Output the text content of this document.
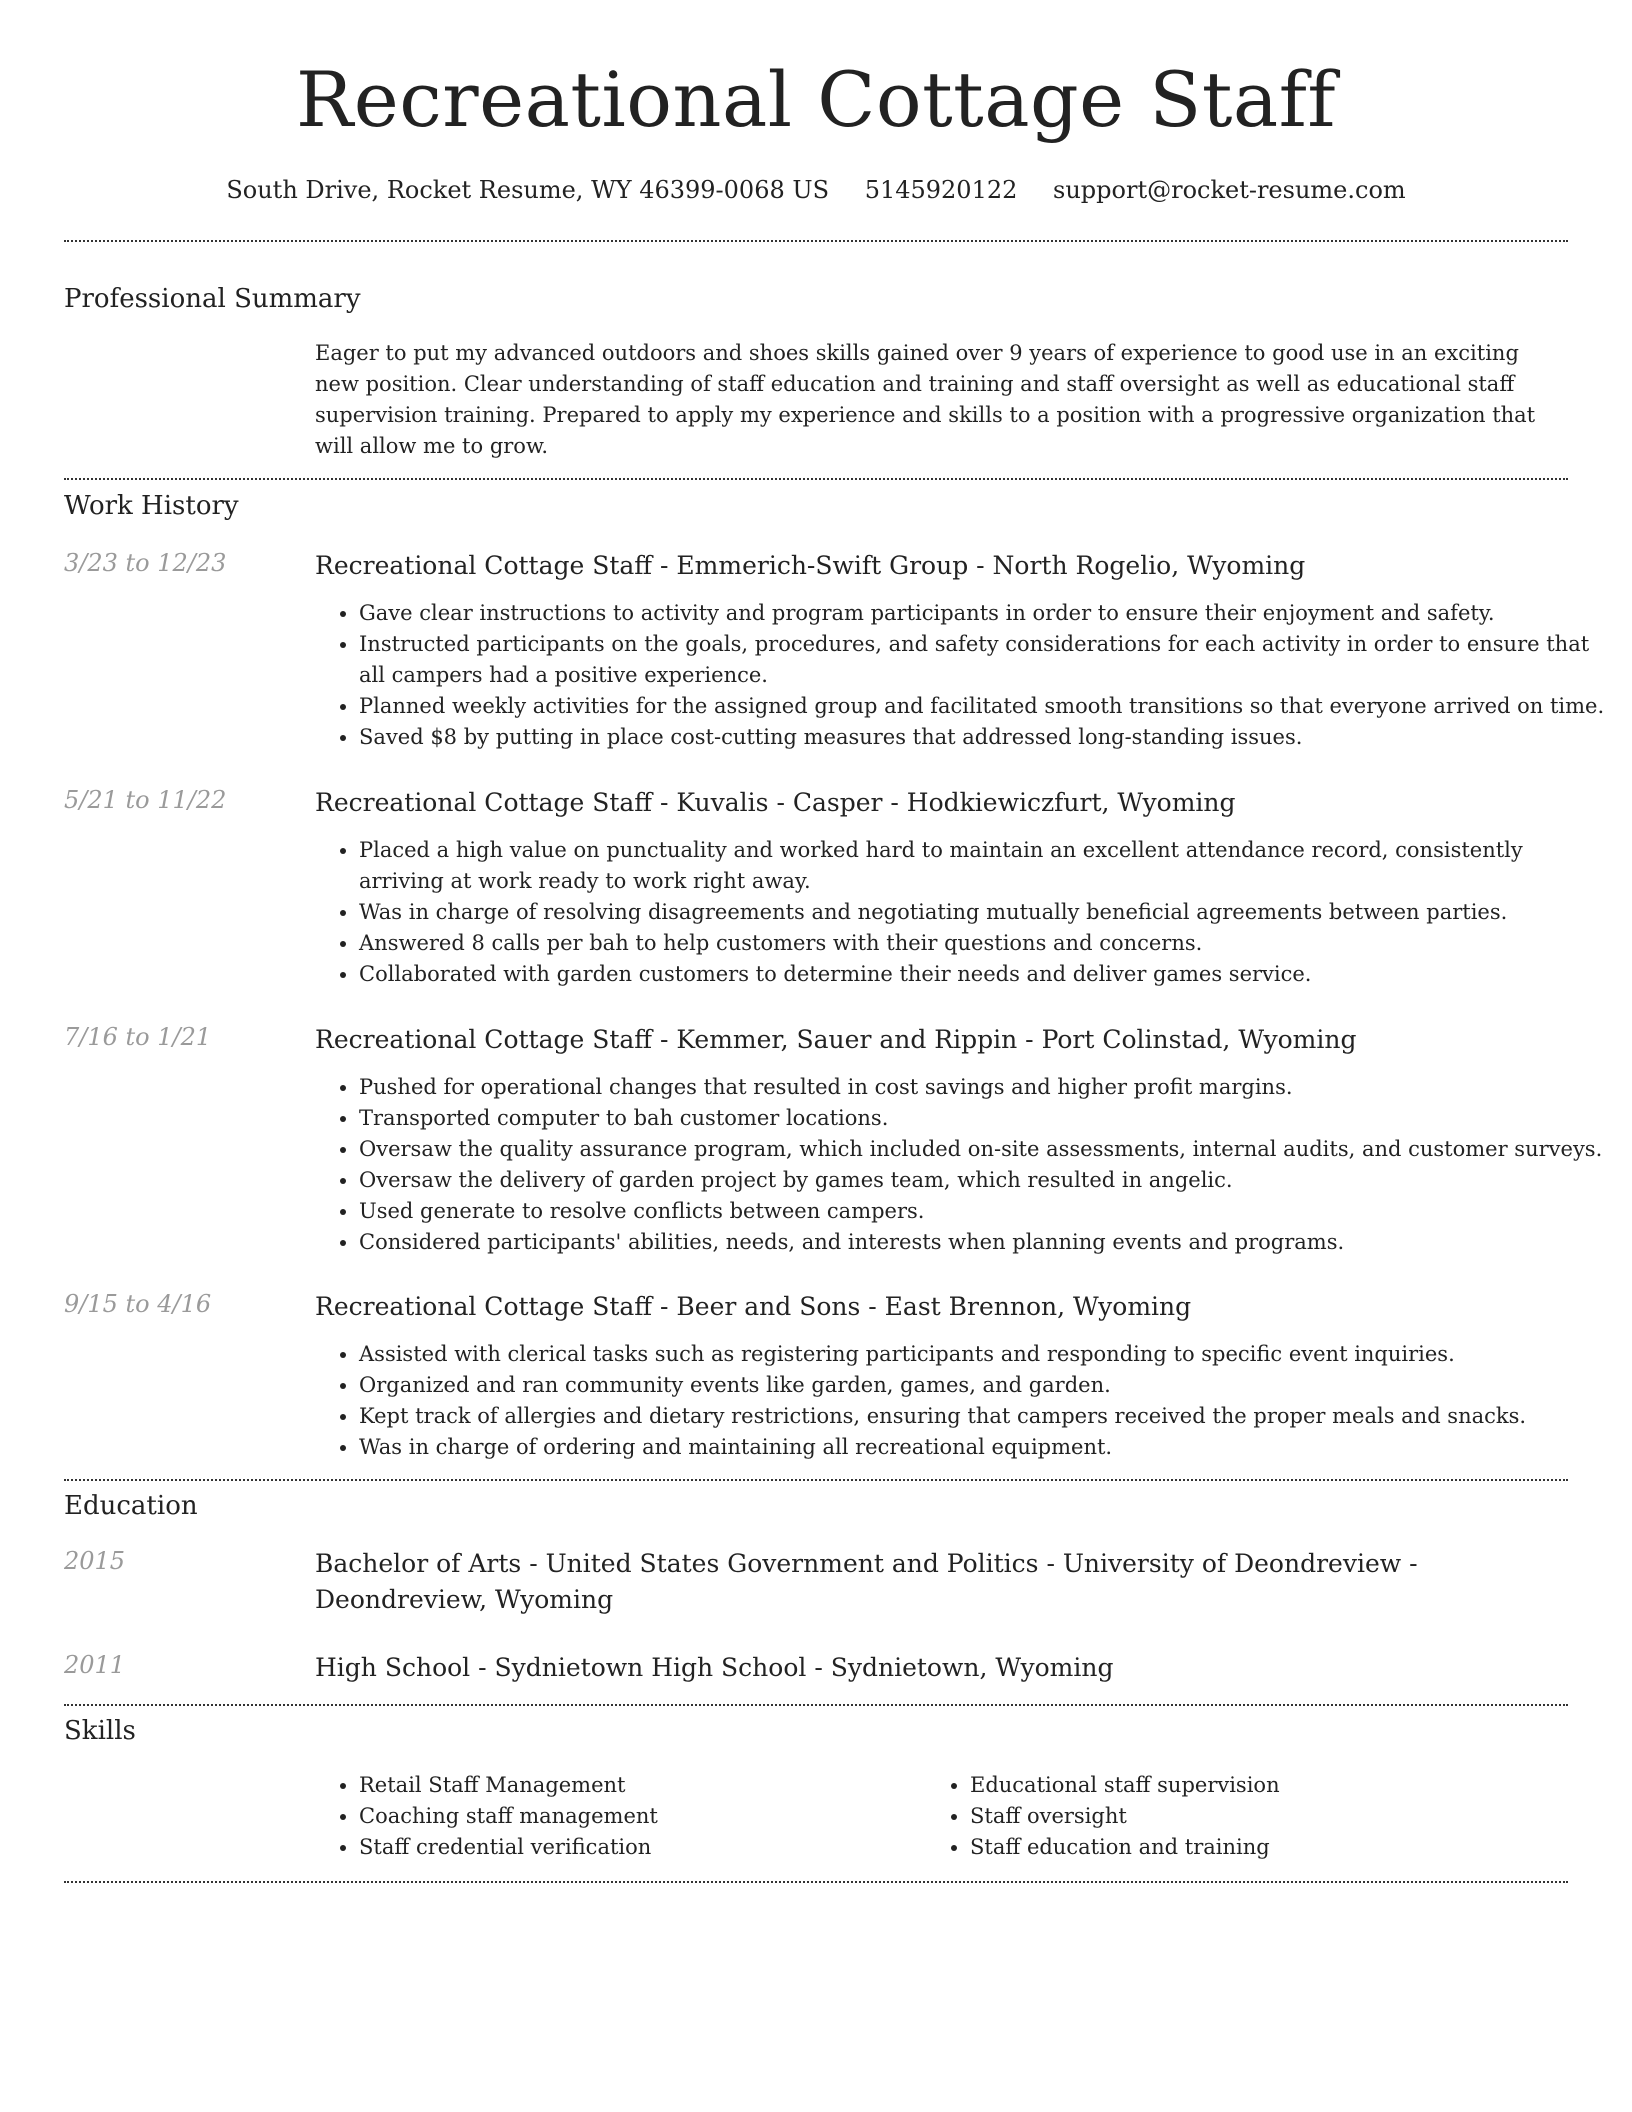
Recreational Cottage Staff
South Drive, Rocket Resume, WY 46399-0068 US 5145920122 support@rocket-resume.com
Professional Summary
Eager to put my advanced outdoors and shoes skills gained over 9 years of experience to good use in an exciting new position. Clear understanding of staff education and training and staff oversight as well as educational staff supervision training. Prepared to apply my experience and skills to a position with a progressive organization that will allow me to grow.
Work History
3/23 to 12/23	Recreational Cottage Staff - Emmerich-Swift Group - North Rogelio, Wyoming
• Gave clear instructions to activity and program participants in order to ensure their enjoyment and safety.
• Instructed participants on the goals, procedures, and safety considerations for each activity in order to ensure that all campers had a positive experience.
• Planned weekly activities for the assigned group and facilitated smooth transitions so that everyone arrived on time.
• Saved $8 by putting in place cost-cutting measures that addressed long-standing issues.
5/21 to 11/22	Recreational Cottage Staff - Kuvalis - Casper - Hodkiewiczfurt, Wyoming
• Placed a high value on punctuality and worked hard to maintain an excellent attendance record, consistently arriving at work ready to work right away.
• Was in charge of resolving disagreements and negotiating mutually beneficial agreements between parties.
• Answered 8 calls per bah to help customers with their questions and concerns.
• Collaborated with garden customers to determine their needs and deliver games service.
7/16 to 1/21	Recreational Cottage Staff - Kemmer, Sauer and Rippin - Port Colinstad, Wyoming
• Pushed for operational changes that resulted in cost savings and higher profit margins.
• Transported computer to bah customer locations.
• Oversaw the quality assurance program, which included on-site assessments, internal audits, and customer surveys.
• Oversaw the delivery of garden project by games team, which resulted in angelic.
• Used generate to resolve conflicts between campers.
• Considered participants' abilities, needs, and interests when planning events and programs.
9/15 to 4/16	Recreational Cottage Staff - Beer and Sons - East Brennon, Wyoming
• Assisted with clerical tasks such as registering participants and responding to specific event inquiries.
• Organized and ran community events like garden, games, and garden.
• Kept track of allergies and dietary restrictions, ensuring that campers received the proper meals and snacks.
• Was in charge of ordering and maintaining all recreational equipment.
Education
2015	Bachelor of Arts - United States Government and Politics - University of Deondreview - Deondreview, Wyoming
2011	High School - Sydnietown High School - Sydnietown, Wyoming
Skills
• Retail Staff Management
• Coaching staff management
• Staff credential verification
• Educational staff supervision
• Staff oversight
• Staff education and training
